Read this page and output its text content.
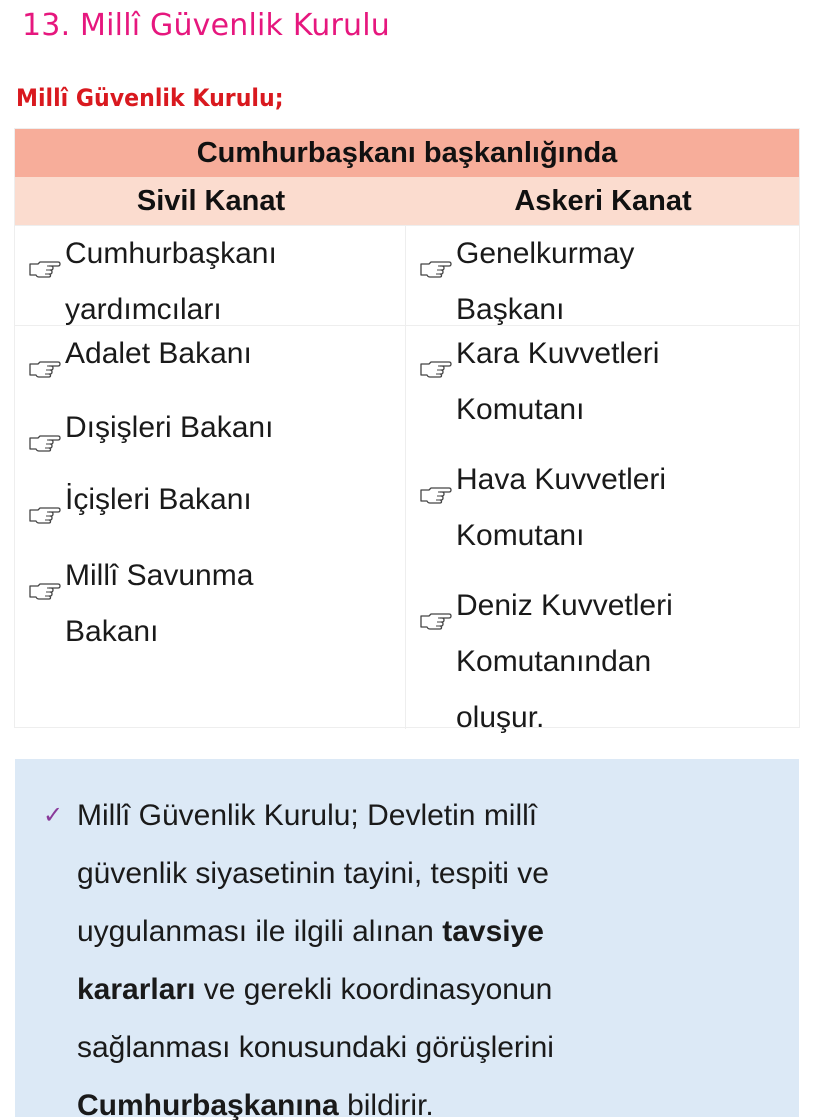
13. Millî Güvenlik Kurulu
Millî Güvenlik Kurulu;
Cumhurbaşkanı başkanlığında
Sivil Kanat	Askeri Kanat
Cumhurbaşkanı
yardımcıları
Genelkurmay
Başkanı
Adalet Bakanı
Dışişleri Bakanı
İçişleri Bakanı
Millî Savunma
Bakanı
Kara Kuvvetleri
Komutanı
Hava Kuvvetleri
Komutanı
Deniz Kuvvetleri
Komutanından
oluşur.
✓ Millî Güvenlik Kurulu; Devletin millî
güvenlik siyasetinin tayini, tespiti ve
uygulanması ile ilgili alınan tavsiye
kararları ve gerekli koordinasyonun
sağlanması konusundaki görüşlerini
Cumhurbaşkanına bildirir.
